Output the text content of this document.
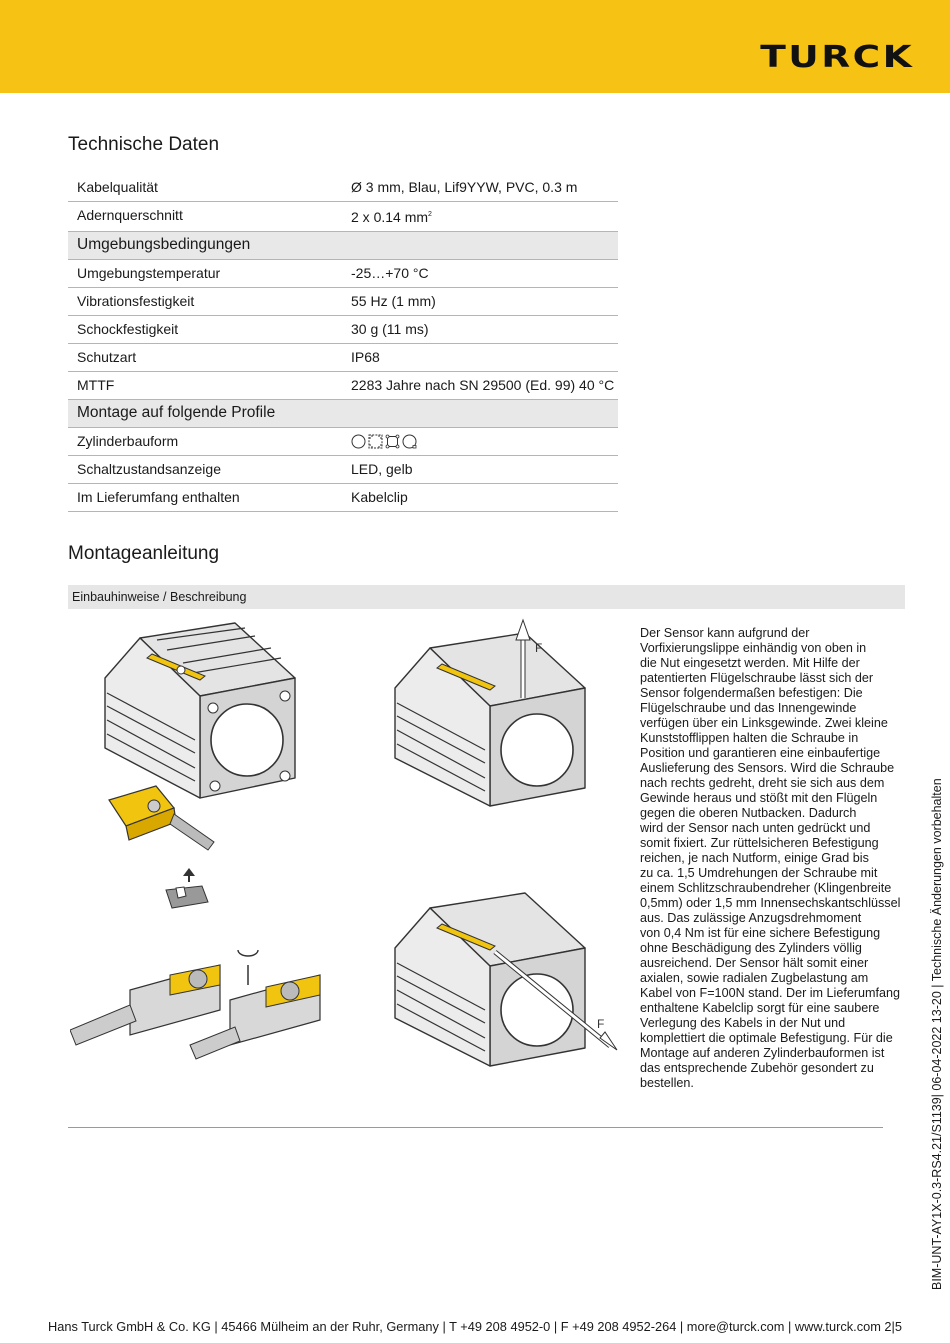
TURCK
Technische Daten
Kabelqualität	Ø 3 mm, Blau, Lif9YYW, PVC, 0.3 m
Adernquerschnitt	2 x 0.14 $mm^2$
Umgebungsbedingungen	
Umgebungstemperatur	-25…+70 °C
Vibrationsfestigkeit	55 Hz (1 mm)
Schockfestigkeit	30 g (11 ms)
Schutzart	IP68
MTTF	2283 Jahre nach SN 29500 (Ed. 99) 40 °C
Montage auf folgende Profile	
Zylinderbauform	
Schaltzustandsanzeige	LED, gelb
Im Lieferumfang enthalten	Kabelclip
Montageanleitung
Einbauhinweise / Beschreibung
F
F
Der Sensor kann aufgrund der
Vorfixierungslippe einhändig von oben in
die Nut eingesetzt werden. Mit Hilfe der
patentierten Flügelschraube lässt sich der
Sensor folgendermaßen befestigen: Die
Flügelschraube und das Innengewinde
verfügen über ein Linksgewinde. Zwei kleine
Kunststofflippen halten die Schraube in
Position und garantieren eine einbaufertige
Auslieferung des Sensors. Wird die Schraube
nach rechts gedreht, dreht sie sich aus dem
Gewinde heraus und stößt mit den Flügeln
gegen die oberen Nutbacken. Dadurch
wird der Sensor nach unten gedrückt und
somit fixiert. Zur rüttelsicheren Befestigung
reichen, je nach Nutform, einige Grad bis
zu ca. 1,5 Umdrehungen der Schraube mit
einem Schlitzschraubendreher (Klingenbreite
0,5mm) oder 1,5 mm Innensechskantschlüssel
aus. Das zulässige Anzugsdrehmoment
von 0,4 Nm ist für eine sichere Befestigung
ohne Beschädigung des Zylinders völlig
ausreichend. Der Sensor hält somit einer
axialen, sowie radialen Zugbelastung am
Kabel von F=100N stand. Der im Lieferumfang
enthaltene Kabelclip sorgt für eine saubere
Verlegung des Kabels in der Nut und
komplettiert die optimale Befestigung. Für die
Montage auf anderen Zylinderbauformen ist
das entsprechende Zubehör gesondert zu
bestellen.	BIM-UNT-AY1X-0.3-RS4.21/S1139| 06-04-2022 13-20 | Technische Änderungen vorbehalten
Hans Turck GmbH & Co. KG | 45466 Mülheim an der Ruhr, Germany | T +49 208 4952-0 | F +49 208 4952-264 | more@turck.com | www.turck.com 2|5
